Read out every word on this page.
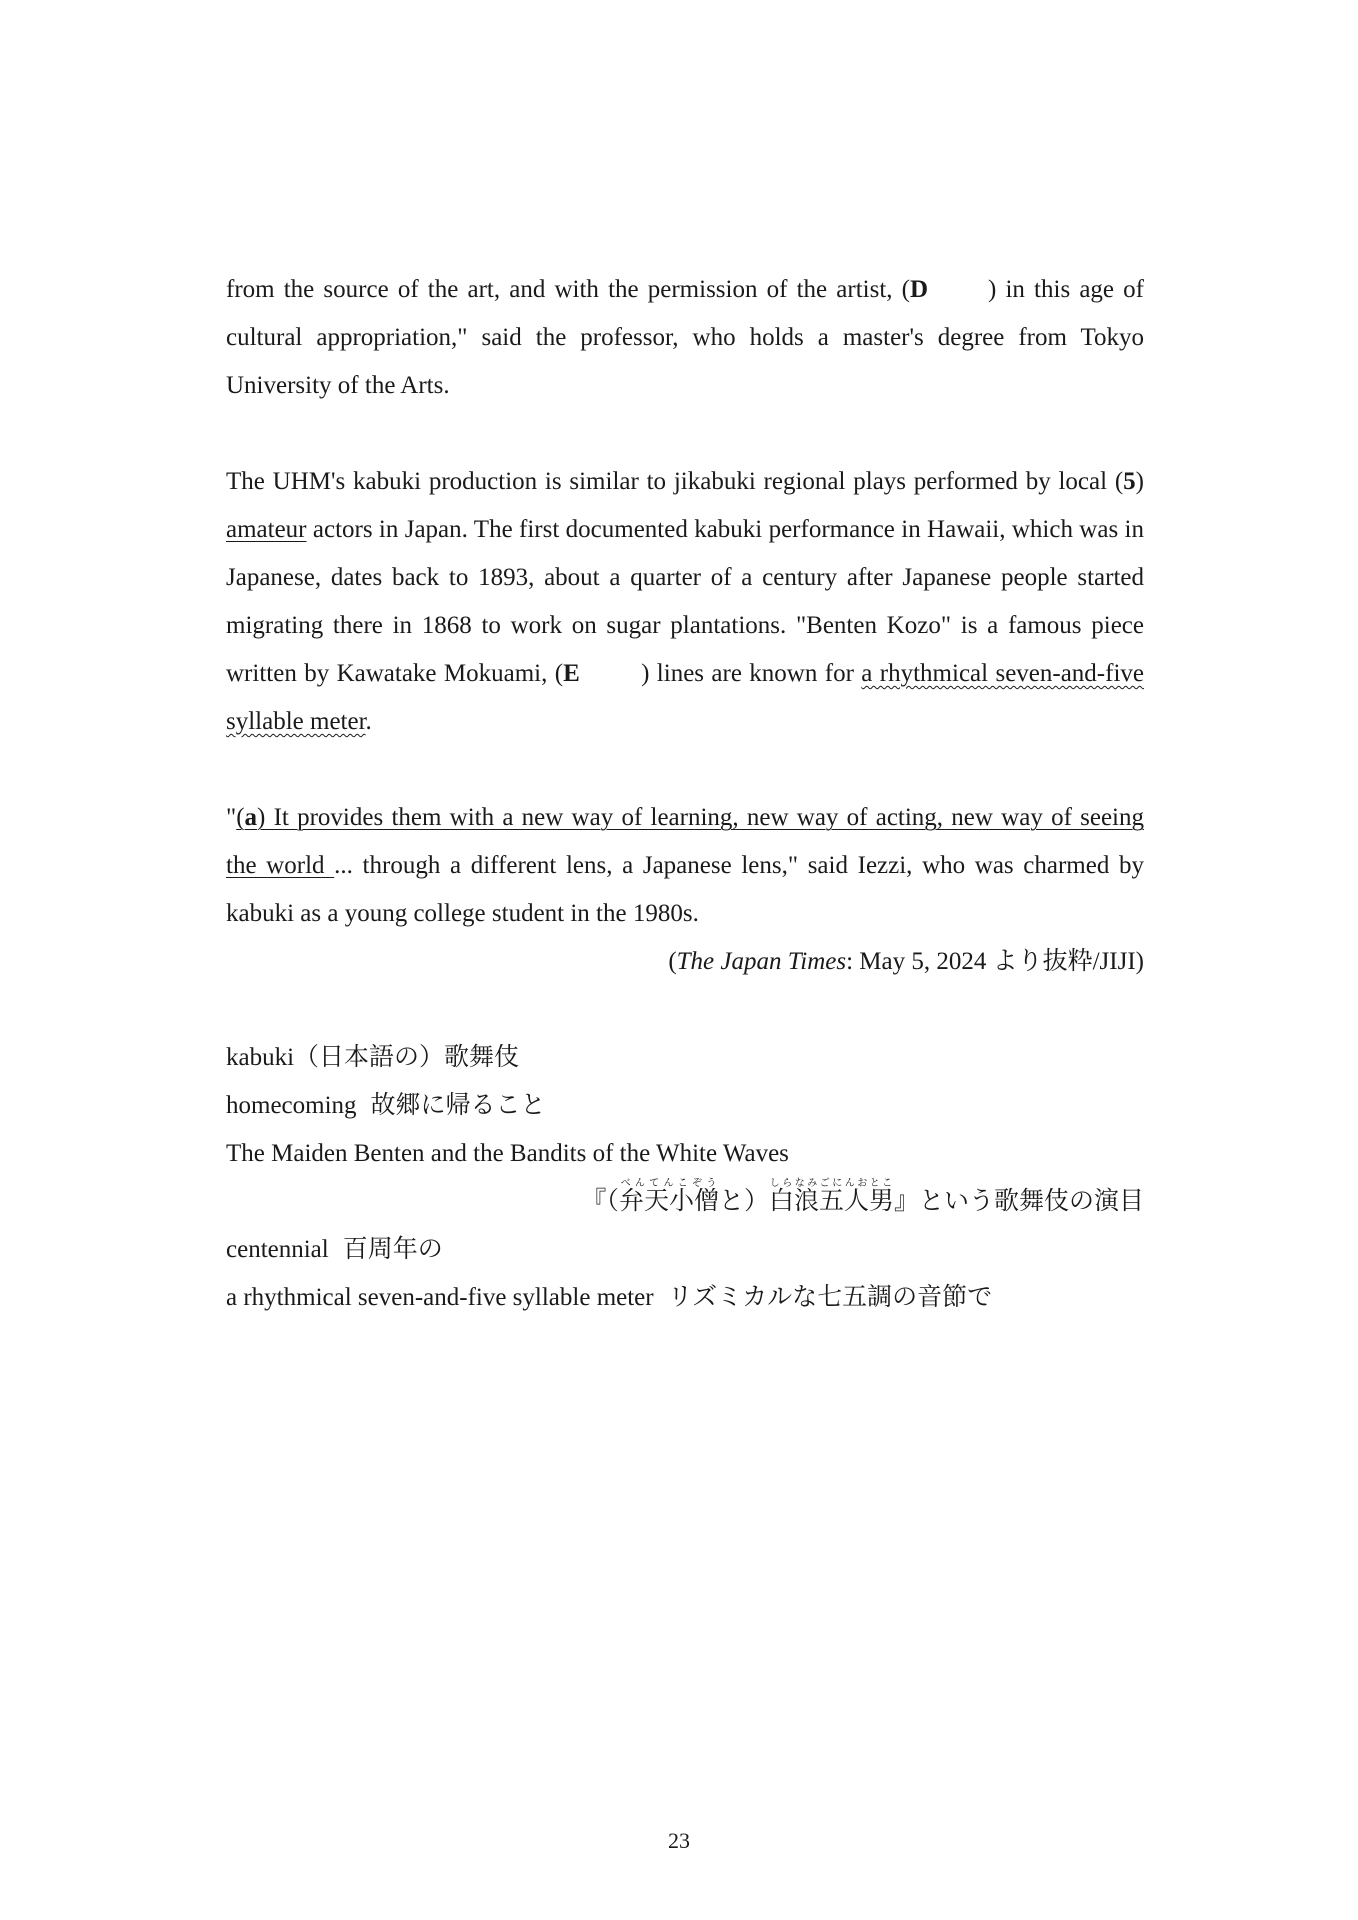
from the source of the art, and with the permission of the artist, (D ) in this age of cultural appropriation," said the professor, who holds a master's degree from Tokyo University of the Arts.

The UHM's kabuki production is similar to jikabuki regional plays performed by local (5) amateur actors in Japan. The first documented kabuki performance in Hawaii, which was in Japanese, dates back to 1893, about a quarter of a century after Japanese people started migrating there in 1868 to work on sugar plantations. "Benten Kozo" is a famous piece written by Kawatake Mokuami, (E ) lines are known for a rhythmical seven-and-five syllable meter.

"(a) It provides them with a new way of learning, new way of acting, new way of seeing the world ... through a different lens, a Japanese lens," said Iezzi, who was charmed by kabuki as a young college student in the 1980s.

(The Japan Times: May 5, 2024 より抜粋/JIJI)
kabuki（日本語の）歌舞伎
homecoming 故郷に帰ること
The Maiden Benten and the Bandits of the White Waves
『（弁天小僧べんてんこぞうと）白浪五人男しらなみごにんおとこ』という歌舞伎の演目
centennial 百周年の
a rhythmical seven-and-five syllable meter リズミカルな七五調の音節で
23
